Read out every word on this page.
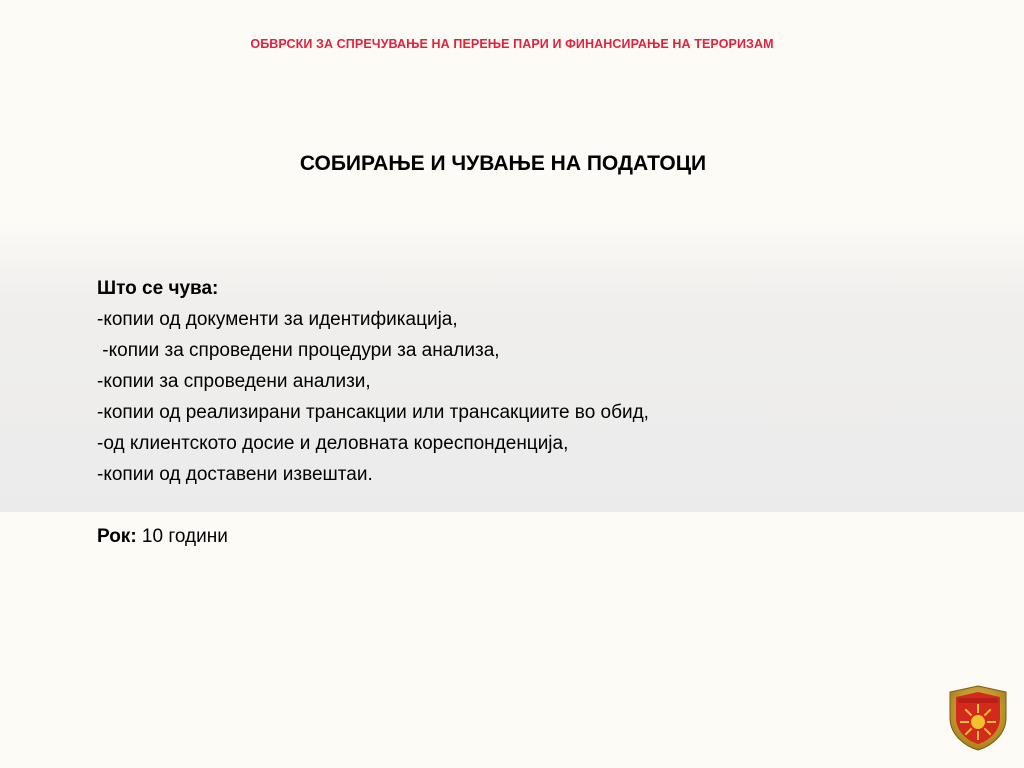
ОБВРСКИ ЗА СПРЕЧУВАЊЕ НА ПЕРЕЊЕ ПАРИ И ФИНАНСИРАЊЕ НА ТЕРОРИЗАМ
СОБИРАЊЕ И ЧУВАЊЕ НА ПОДАТОЦИ
Што се чува:
-копии од документи за идентификација,
-копии за спроведени процедури за анализа,
-копии за спроведени анализи,
-копии од реализирани трансакции или трансакциите во обид,
-од клиентското досие и деловната кореспонденција,
-копии од доставени извештаи.
Рок: 10 години
